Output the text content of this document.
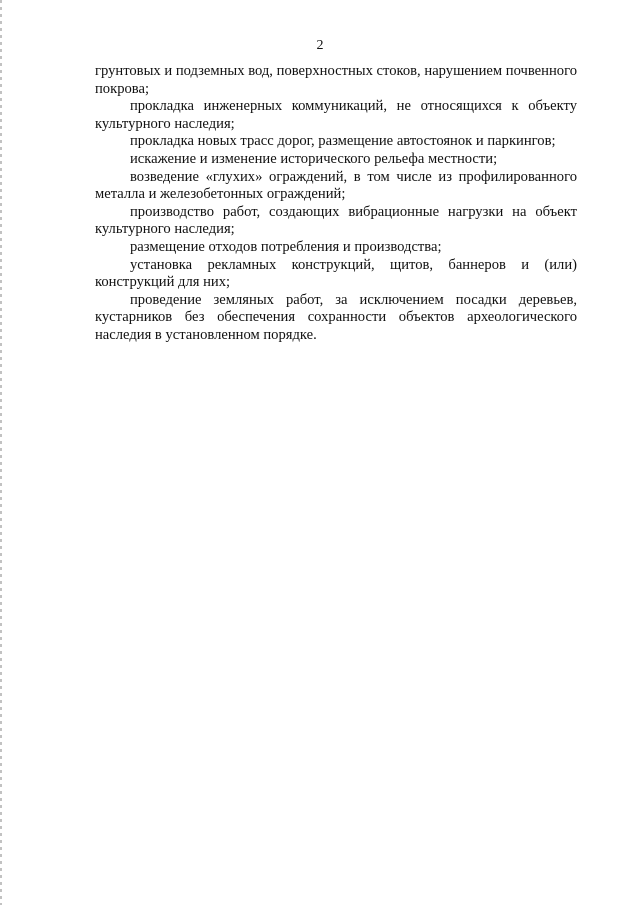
2

грунтовых и подземных вод, поверхностных стоков, нарушением почвенного покрова;

прокладка инженерных коммуникаций, не относящихся к объекту культурного наследия;

прокладка новых трасс дорог, размещение автостоянок и паркингов;

искажение и изменение исторического рельефа местности;

возведение «глухих» ограждений, в том числе из профилированного металла и железобетонных ограждений;

производство работ, создающих вибрационные нагрузки на объект культурного наследия;

размещение отходов потребления и производства;

установка рекламных конструкций, щитов, баннеров и (или) конструкций для них;

проведение земляных работ, за исключением посадки деревьев, кустарников без обеспечения сохранности объектов археологического наследия в установленном порядке.
